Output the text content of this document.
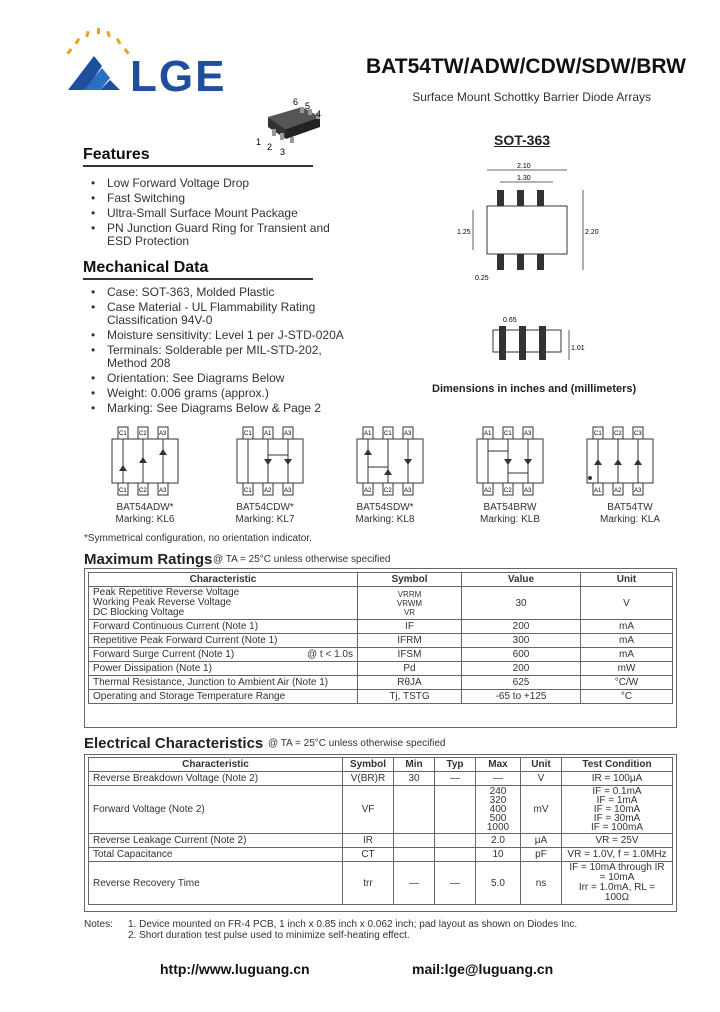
LGE	BAT54TW/ADW/CDW/SDW/BRW
Surface Mount Schottky Barrier Diode Arrays
6 5
4
1 2 3
Features
• Low Forward Voltage Drop
• Fast Switching
• Ultra-Small Surface Mount Package
• PN Junction Guard Ring for Transient and ESD Protection
Mechanical Data
• Case: SOT-363, Molded Plastic
• Case Material - UL Flammability Rating Classification 94V-0
• Moisture sensitivity: Level 1 per J-STD-020A
• Terminals: Solderable per MIL-STD-202, Method 208
• Orientation: See Diagrams Below
• Weight: 0.006 grams (approx.)
• Marking: See Diagrams Below & Page 2
SOT-363
2.10
1.30
2.20
1.25
0.25
0.65
1.01
Dimensions in inches and (millimeters)
C1 C2 A3
C1 C2 A3
BAT54ADW*
Marking: KL6
C1 A1 A3
C1 A2 A3
BAT54CDW*
Marking: KL7
A1 C1 A3
A2 C2 A3
BAT54SDW*
Marking: KL8
A1 C1 A3
A2 C2 A3
BAT54BRW
Marking: KLB
C1 C2 C3
A1 A2 A3
BAT54TW
Marking: KLA
*Symmetrical configuration, no orientation indicator.
Maximum Ratings @ TA = 25°C unless otherwise specified
Characteristic	Symbol	Value	Unit
Peak Repetitive Reverse Voltage
Working Peak Reverse Voltage
DC Blocking Voltage	VRRM
VRWM
VR	30	V
Forward Continuous Current (Note 1)	IF	200	mA
Repetitive Peak Forward Current (Note 1)	IFRM	300	mA
Forward Surge Current (Note 1) @ t < 1.0s	IFSM	600	mA
Power Dissipation (Note 1)	Pd	200	mW
Thermal Resistance, Junction to Ambient Air (Note 1)	RθJA	625	°C/W
Operating and Storage Temperature Range	Tj, TSTG	-65 to +125	°C
Electrical Characteristics @ TA = 25°C unless otherwise specified
Characteristic	Symbol	Min	Typ	Max	Unit	Test Condition
Reverse Breakdown Voltage (Note 2)	V(BR)R	30	—	—	V	IR = 100μA
Forward Voltage (Note 2)	VF			240
320
400
500
1000	mV	IF = 0.1mA
IF = 1mA
IF = 10mA
IF = 30mA
IF = 100mA
Reverse Leakage Current (Note 2)	IR			2.0	μA	VR = 25V
Total Capacitance	CT			10	pF	VR = 1.0V, f = 1.0MHz
Reverse Recovery Time	trr	—	—	5.0	ns	IF = 10mA through IR = 10mA
Irr = 1.0mA, RL = 100Ω
Notes: 1. Device mounted on FR-4 PCB, 1 inch x 0.85 inch x 0.062 inch; pad layout as shown on Diodes Inc.
2. Short duration test pulse used to minimize self-heating effect.
http://www.luguang.cn	mail:lge@luguang.cn
